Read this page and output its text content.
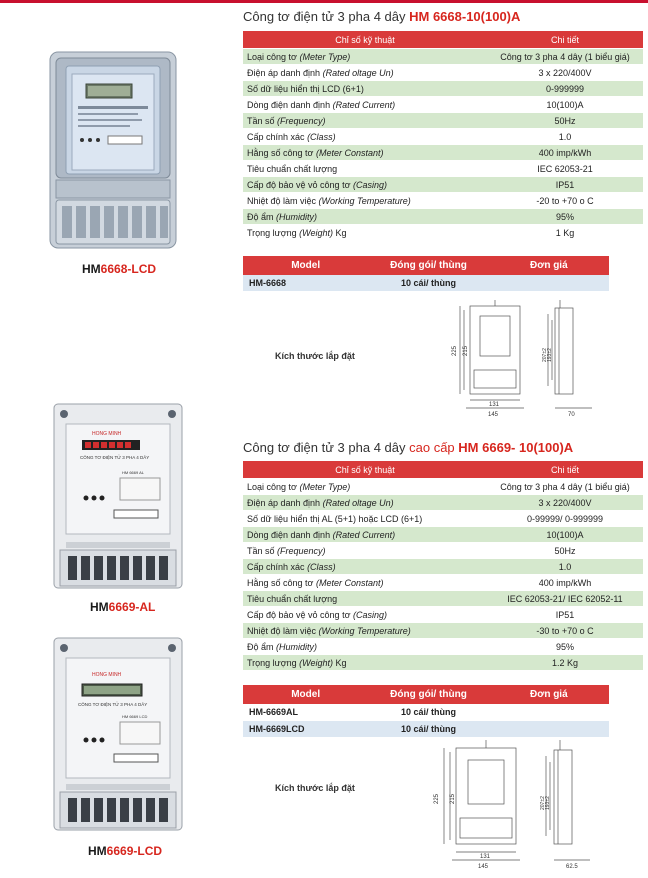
HM6668-LCD
HONG MINH
CÔNG TƠ ĐIỆN TỬ 3 PHA 4 DÂY
HM 6669 AL
HM6669-AL
HONG MINH
CÔNG TƠ ĐIỆN TỬ 3 PHA 4 DÂY
HM 6669 LCD
HM6669-LCD
Công tơ điện tử 3 pha 4 dây HM 6668-10(100)A
Chỉ số kỹ thuật	Chi tiết
Loại công tơ (Meter Type)	Công tơ 3 pha 4 dây (1 biểu giá)
Điện áp danh định (Rated oltage Un)	3 x 220/400V
Số dữ liệu hiển thị LCD (6+1)	0-999999
Dòng điện danh định (Rated Current)	10(100)A
Tần số (Frequency)	50Hz
Cấp chính xác (Class)	1.0
Hằng số công tơ (Meter Constant)	400 imp/kWh
Tiêu chuẩn chất lượng	IEC 62053-21
Cấp độ bảo vệ vỏ công tơ (Casing)	IP51
Nhiệt độ làm việc (Working Temperature)	-20 to +70 o C
Độ ẩm (Humidity)	95%
Trọng lượng (Weight) Kg	1 Kg
Model	Đóng gói/ thùng	Đơn giá
HM-6668	10 cái/ thùng	
Kích thước lắp đặt	225 215
131
145
207±2 193±2
70
Công tơ điện tử 3 pha 4 dây cao cấp HM 6669- 10(100)A
Chỉ số kỹ thuật	Chi tiết
Loại công tơ (Meter Type)	Công tơ 3 pha 4 dây (1 biểu giá)
Điện áp danh định (Rated oltage Un)	3 x 220/400V
Số dữ liệu hiển thị AL (5+1) hoặc LCD (6+1)	0-99999/ 0-999999
Dòng điện danh định (Rated Current)	10(100)A
Tần số (Frequency)	50Hz
Cấp chính xác (Class)	1.0
Hằng số công tơ (Meter Constant)	400 imp/kWh
Tiêu chuẩn chất lượng	IEC 62053-21/ IEC 62052-11
Cấp độ bảo vệ vỏ công tơ (Casing)	IP51
Nhiệt độ làm việc (Working Temperature)	-30 to +70 o C
Độ ẩm (Humidity)	95%
Trọng lượng (Weight) Kg	1.2 Kg
Model	Đóng gói/ thùng	Đơn giá
HM-6669AL	10 cái/ thùng	
HM-6669LCD	10 cái/ thùng	
Kích thước lắp đặt
225 215
131
145
207±2 193±2
62.5
